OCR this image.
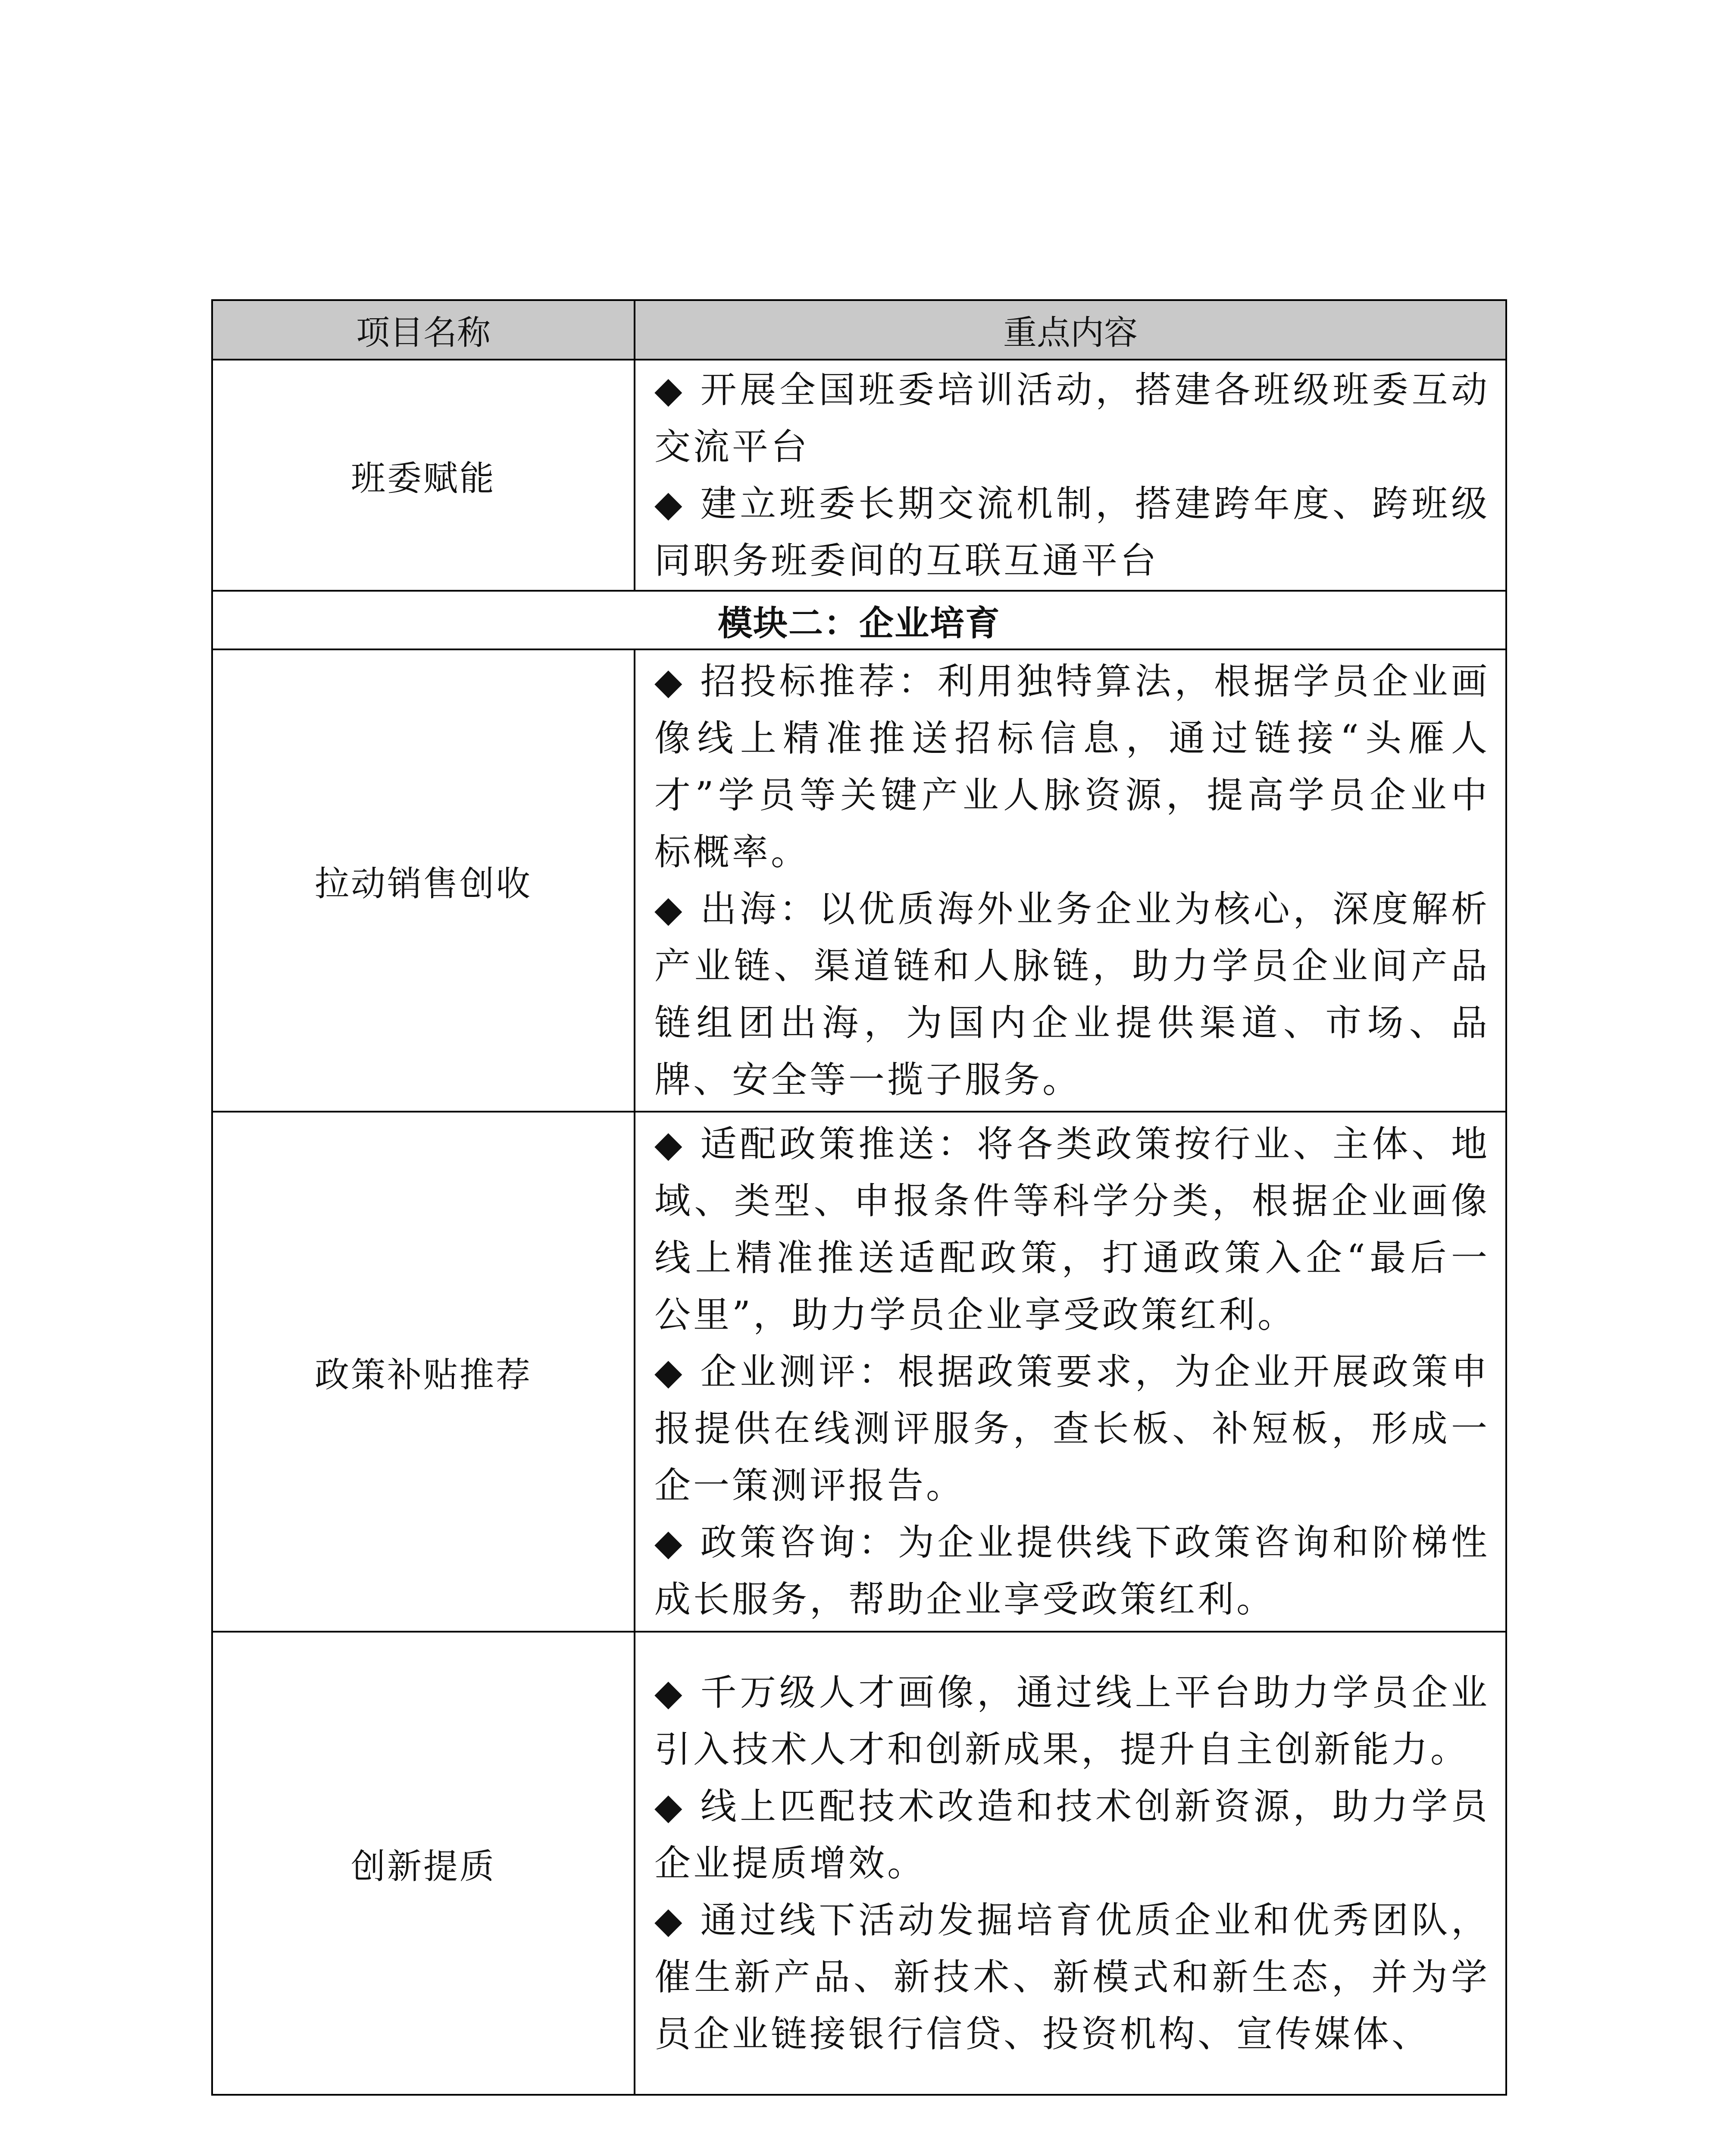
项目名称	重点内容
班委赋能	◆ 开展全国班委培训活动，搭建各班级班委互动交流平台
◆ 建立班委长期交流机制，搭建跨年度、跨班级同职务班委间的互联互通平台

模块二：企业培育	
拉动销售创收	◆ 招投标推荐：利用独特算法，根据学员企业画像线上精准推送招标信息，通过链接“头雁人才”学员等关键产业人脉资源，提高学员企业中标概率。
◆ 出海：以优质海外业务企业为核心，深度解析产业链、渠道链和人脉链，助力学员企业间产品链组团出海，为国内企业提供渠道、市场、品牌、安全等一揽子服务。

政策补贴推荐	◆ 适配政策推送：将各类政策按行业、主体、地域、类型、申报条件等科学分类，根据企业画像线上精准推送适配政策，打通政策入企“最后一公里”，助力学员企业享受政策红利。
◆ 企业测评：根据政策要求，为企业开展政策申报提供在线测评服务，查长板、补短板，形成一企一策测评报告。
◆ 政策咨询：为企业提供线下政策咨询和阶梯性成长服务，帮助企业享受政策红利。

创新提质	◆ 千万级人才画像，通过线上平台助力学员企业引入技术人才和创新成果，提升自主创新能力。
◆ 线上匹配技术改造和技术创新资源，助力学员企业提质增效。
◆ 通过线下活动发掘培育优质企业和优秀团队，催生新产品、新技术、新模式和新生态，并为学员企业链接银行信贷、投资机构、宣传媒体、
